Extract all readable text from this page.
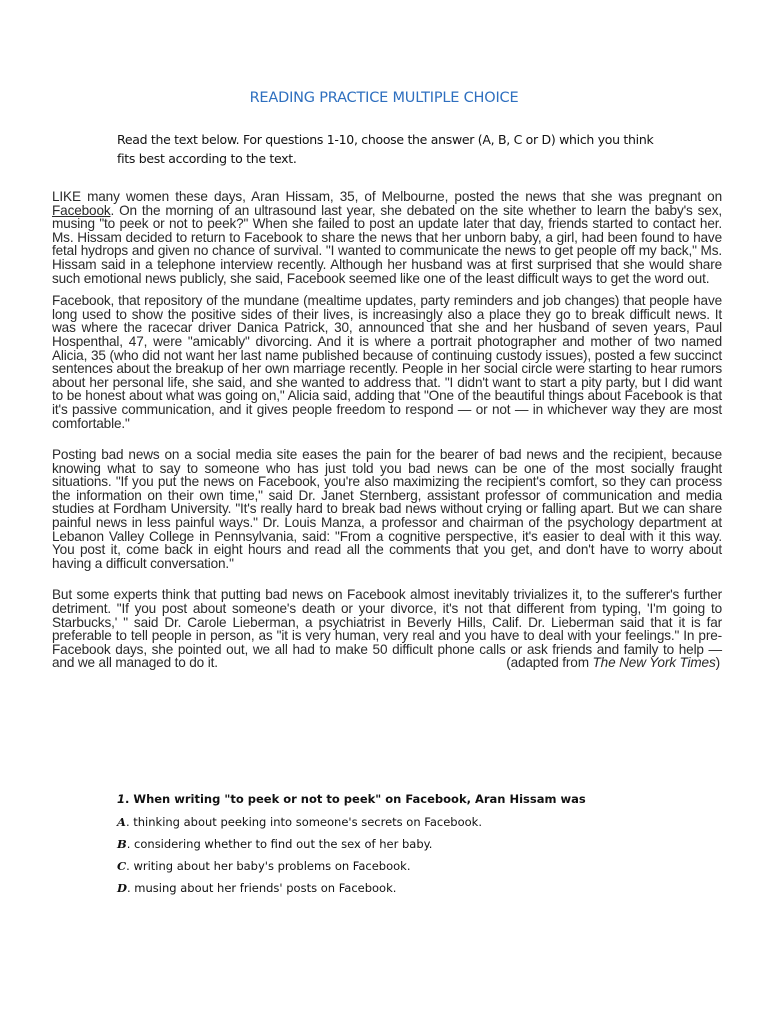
READING PRACTICE MULTIPLE CHOICE
Read the text below. For questions 1-10, choose the answer (A, B, C or D) which you think fits best according to the text.

LIKE many women these days, Aran Hissam, 35, of Melbourne, posted the news that she was pregnant on Facebook. On the morning of an ultrasound last year, she debated on the site whether to learn the baby's sex, musing "to peek or not to peek?" When she failed to post an update later that day, friends started to contact her. Ms. Hissam decided to return to Facebook to share the news that her unborn baby, a girl, had been found to have fetal hydrops and given no chance of survival. "I wanted to communicate the news to get people off my back," Ms. Hissam said in a telephone interview recently. Although her husband was at first surprised that she would share such emotional news publicly, she said, Facebook seemed like one of the least difficult ways to get the word out.

Facebook, that repository of the mundane (mealtime updates, party reminders and job changes) that people have long used to show the positive sides of their lives, is increasingly also a place they go to break difficult news. It was where the racecar driver Danica Patrick, 30, announced that she and her husband of seven years, Paul Hospenthal, 47, were "amicably" divorcing. And it is where a portrait photographer and mother of two named Alicia, 35 (who did not want her last name published because of continuing custody issues), posted a few succinct sentences about the breakup of her own marriage recently. People in her social circle were starting to hear rumors about her personal life, she said, and she wanted to address that. "I didn't want to start a pity party, but I did want to be honest about what was going on," Alicia said, adding that "One of the beautiful things about Facebook is that it's passive communication, and it gives people freedom to respond — or not — in whichever way they are most comfortable."

Posting bad news on a social media site eases the pain for the bearer of bad news and the recipient, because knowing what to say to someone who has just told you bad news can be one of the most socially fraught situations. "If you put the news on Facebook, you're also maximizing the recipient's comfort, so they can process the information on their own time," said Dr. Janet Sternberg, assistant professor of communication and media studies at Fordham University. "It's really hard to break bad news without crying or falling apart. But we can share painful news in less painful ways." Dr. Louis Manza, a professor and chairman of the psychology department at Lebanon Valley College in Pennsylvania, said: "From a cognitive perspective, it's easier to deal with it this way. You post it, come back in eight hours and read all the comments that you get, and don't have to worry about having a difficult conversation."

But some experts think that putting bad news on Facebook almost inevitably trivializes it, to the sufferer's further detriment. "If you post about someone's death or your divorce, it's not that different from typing, 'I'm going to Starbucks,' " said Dr. Carole Lieberman, a psychiatrist in Beverly Hills, Calif. Dr. Lieberman said that it is far preferable to tell people in person, as "it is very human, very real and you have to deal with your feelings." In pre-Facebook days, she pointed out, we all had to make 50 difficult phone calls or ask friends and family to help — and we all managed to do it.	(adapted from The New York Times)

1. When writing "to peek or not to peek" on Facebook, Aran Hissam was
A. thinking about peeking into someone's secrets on Facebook.
B. considering whether to find out the sex of her baby.
C. writing about her baby's problems on Facebook.
D. musing about her friends' posts on Facebook.
